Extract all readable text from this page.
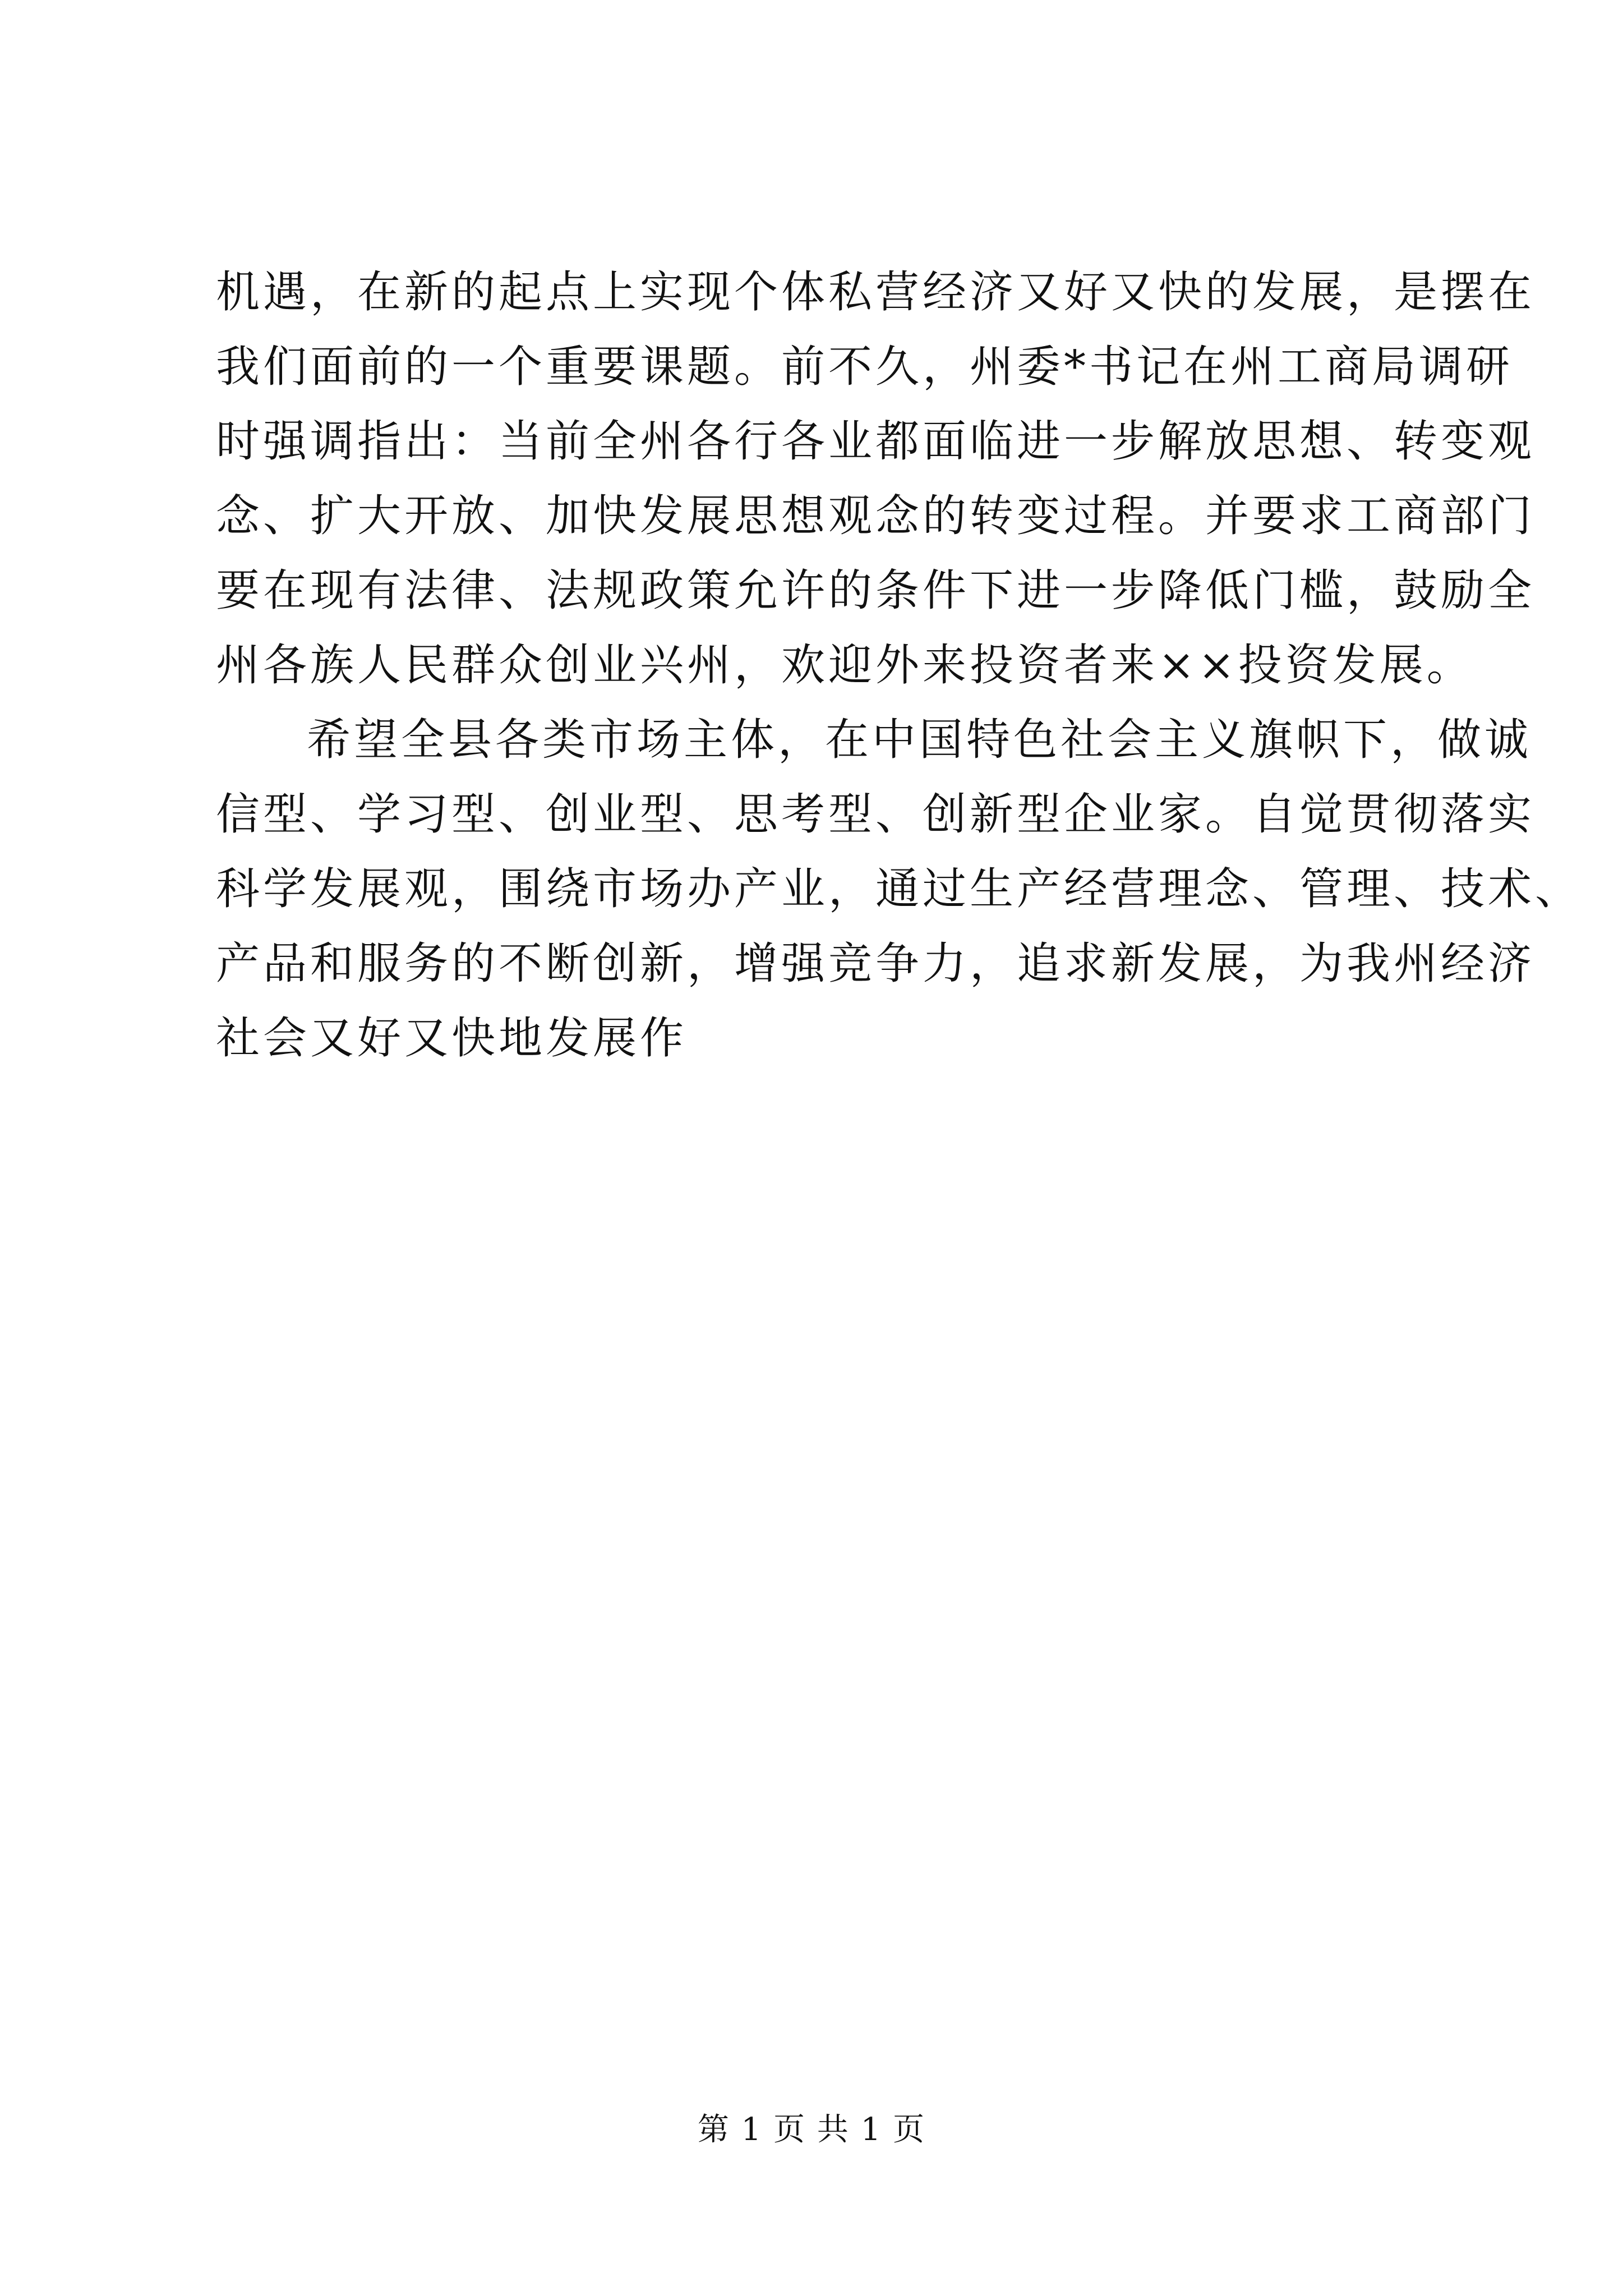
机遇，在新的起点上实现个体私营经济又好又快的发展，是摆在
我们面前的一个重要课题。前不久，州委*书记在州工商局调研
时强调指出：当前全州各行各业都面临进一步解放思想、转变观
念、扩大开放、加快发展思想观念的转变过程。并要求工商部门
要在现有法律、法规政策允许的条件下进一步降低门槛，鼓励全
州各族人民群众创业兴州，欢迎外来投资者来××投资发展。
希望全县各类市场主体，在中国特色社会主义旗帜下，做诚
信型、学习型、创业型、思考型、创新型企业家。自觉贯彻落实
科学发展观，围绕市场办产业，通过生产经营理念、管理、技术、
产品和服务的不断创新，增强竞争力，追求新发展，为我州经济
社会又好又快地发展作
第 1 页 共 1 页
